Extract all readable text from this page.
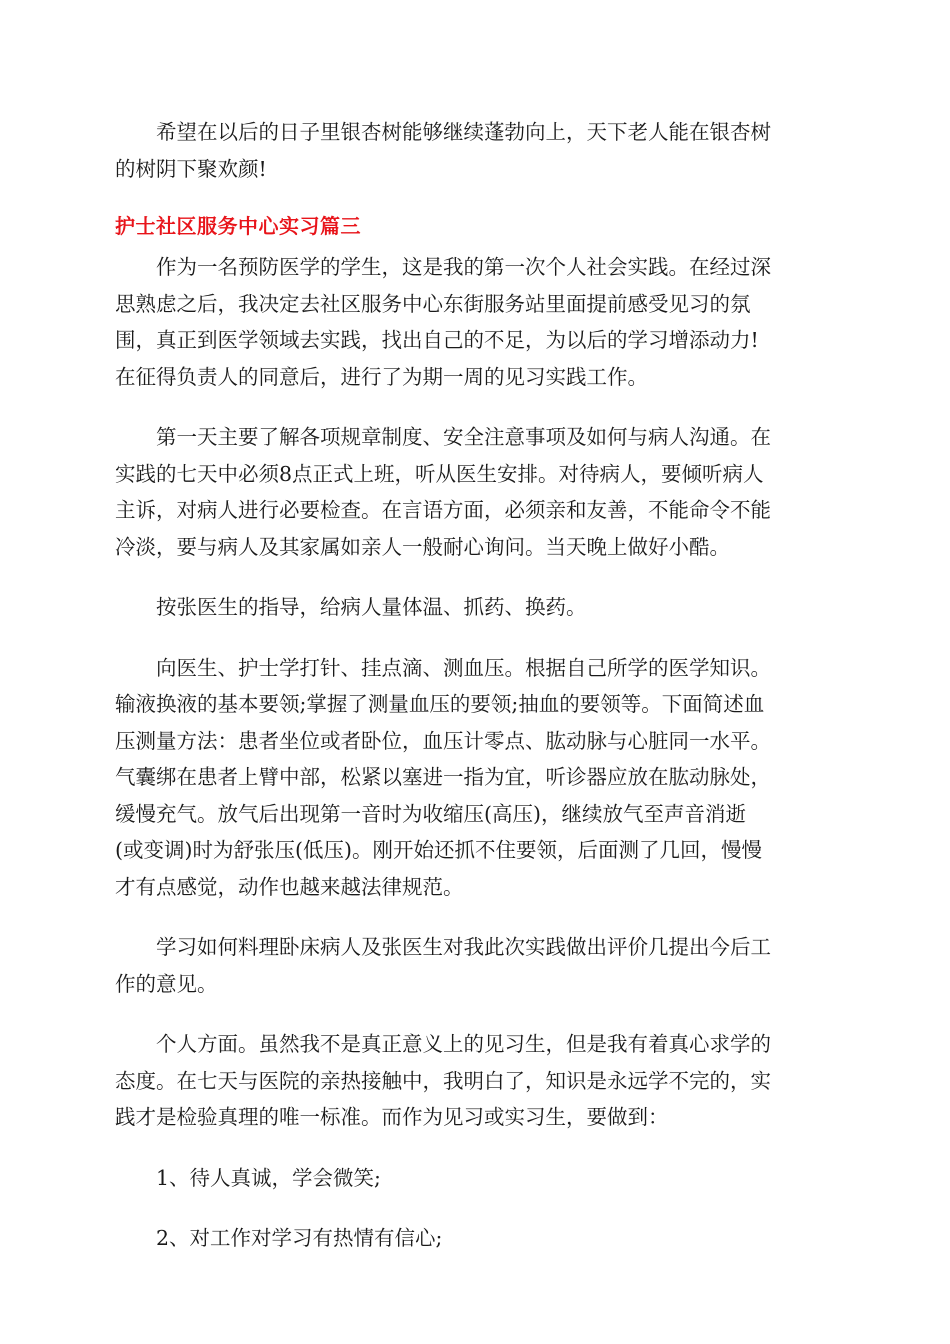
希望在以后的日子里银杏树能够继续蓬勃向上，天下老人能在银杏树
的树阴下聚欢颜!

护士社区服务中心实习篇三

作为一名预防医学的学生，这是我的第一次个人社会实践。在经过深
思熟虑之后，我决定去社区服务中心东街服务站里面提前感受见习的氛
围，真正到医学领域去实践，找出自己的不足，为以后的学习增添动力!
在征得负责人的同意后，进行了为期一周的见习实践工作。

第一天主要了解各项规章制度、安全注意事项及如何与病人沟通。在
实践的七天中必须8点正式上班，听从医生安排。对待病人，要倾听病人
主诉，对病人进行必要检查。在言语方面，必须亲和友善，不能命令不能
冷淡，要与病人及其家属如亲人一般耐心询问。当天晚上做好小酷。

按张医生的指导，给病人量体温、抓药、换药。

向医生、护士学打针、挂点滴、测血压。根据自己所学的医学知识。
输液换液的基本要领;掌握了测量血压的要领;抽血的要领等。下面简述血
压测量方法：患者坐位或者卧位，血压计零点、肱动脉与心脏同一水平。
气囊绑在患者上臂中部，松紧以塞进一指为宜，听诊器应放在肱动脉处，
缓慢充气。放气后出现第一音时为收缩压(高压)，继续放气至声音消逝
(或变调)时为舒张压(低压)。刚开始还抓不住要领，后面测了几回，慢慢
才有点感觉，动作也越来越法律规范。

学习如何料理卧床病人及张医生对我此次实践做出评价几提出今后工
作的意见。

个人方面。虽然我不是真正意义上的见习生，但是我有着真心求学的
态度。在七天与医院的亲热接触中，我明白了，知识是永远学不完的，实
践才是检验真理的唯一标准。而作为见习或实习生，要做到：

1、待人真诚，学会微笑;

2、对工作对学习有热情有信心;
